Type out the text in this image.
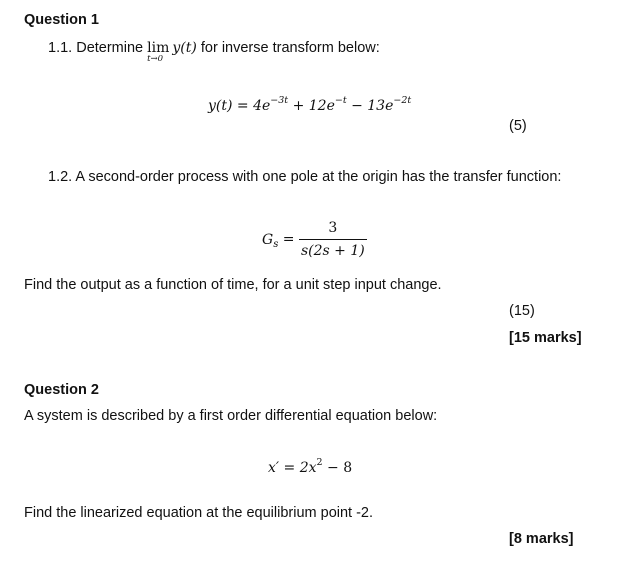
Question 1
1.1. Determine lim
t→0
y(t) for inverse transform below:
$y(t) = 4e^{-3t} + 12e^{-t} - 13e^{-2t}$
(5)
1.2. A second-order process with one pole at the origin has the transfer function:
$G_s = \frac{3}{s(2s + 1)}$
Find the output as a function of time, for a unit step input change.
(15)
[15 marks]
Question 2
A system is described by a first order differential equation below:
$x' = 2x^2 - 8$
Find the linearized equation at the equilibrium point -2.
[8 marks]
